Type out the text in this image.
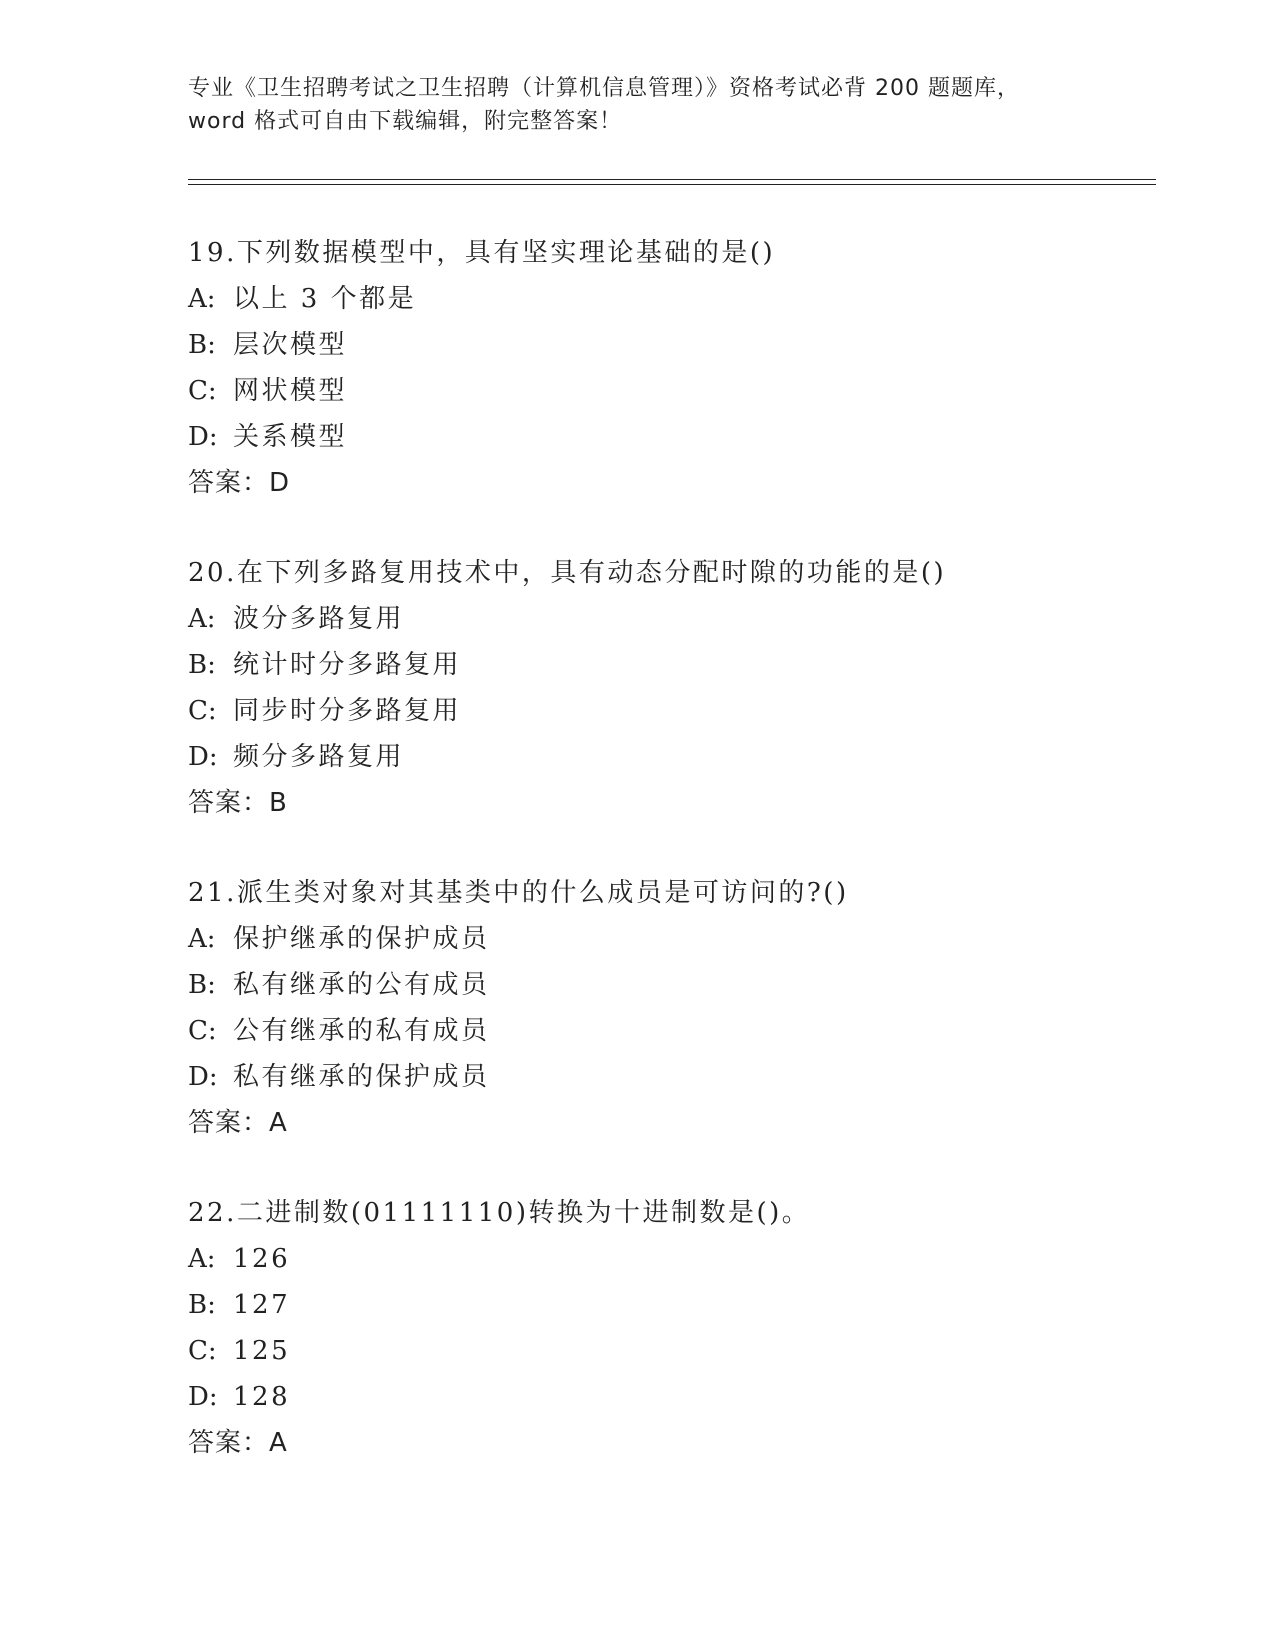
专业《卫生招聘考试之卫生招聘（计算机信息管理）》资格考试必背 200 题题库，
word 格式可自由下载编辑，附完整答案！
19.下列数据模型中，具有坚实理论基础的是()
A: 以上 3 个都是
B: 层次模型
C: 网状模型
D: 关系模型
答案：D
20.在下列多路复用技术中，具有动态分配时隙的功能的是()
A: 波分多路复用
B: 统计时分多路复用
C: 同步时分多路复用
D: 频分多路复用
答案：B
21.派生类对象对其基类中的什么成员是可访问的?()
A: 保护继承的保护成员
B: 私有继承的公有成员
C: 公有继承的私有成员
D: 私有继承的保护成员
答案：A
22.二进制数(01111110)转换为十进制数是()。
A: 126
B: 127
C: 125
D: 128
答案：A
